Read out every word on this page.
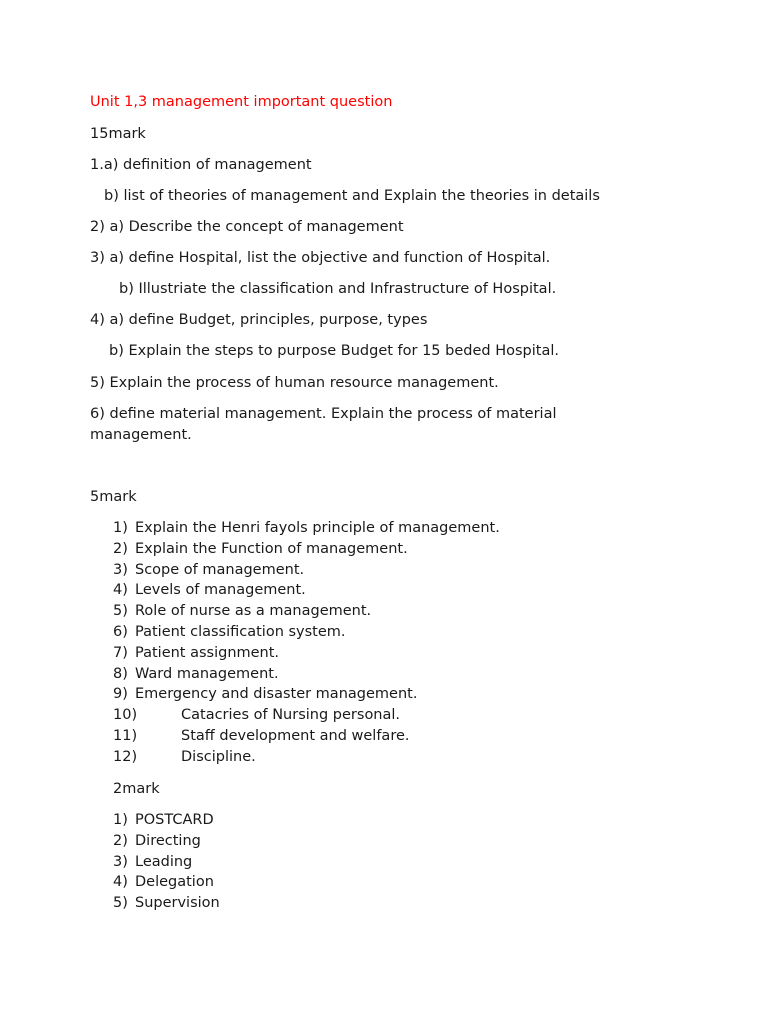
Unit 1,3 management important question
15mark
1.a) definition of management
b) list of theories of management and Explain the theories in details
2) a) Describe the concept of management
3) a) define Hospital, list the objective and function of Hospital.
b) Illustriate the classification and Infrastructure of Hospital.
4) a) define Budget, principles, purpose, types
b) Explain the steps to purpose Budget for 15 beded Hospital.
5) Explain the process of human resource management.
6) define material management. Explain the process of material management.
5mark
1) Explain the Henri fayols principle of management.
2) Explain the Function of management.
3) Scope of management.
4) Levels of management.
5) Role of nurse as a management.
6) Patient classification system.
7) Patient assignment.
8) Ward management.
9) Emergency and disaster management.
10)	Catacries of Nursing personal.
11)	Staff development and welfare.
12)	Discipline.
2mark
1) POSTCARD
2) Directing
3) Leading
4) Delegation
5) Supervision
